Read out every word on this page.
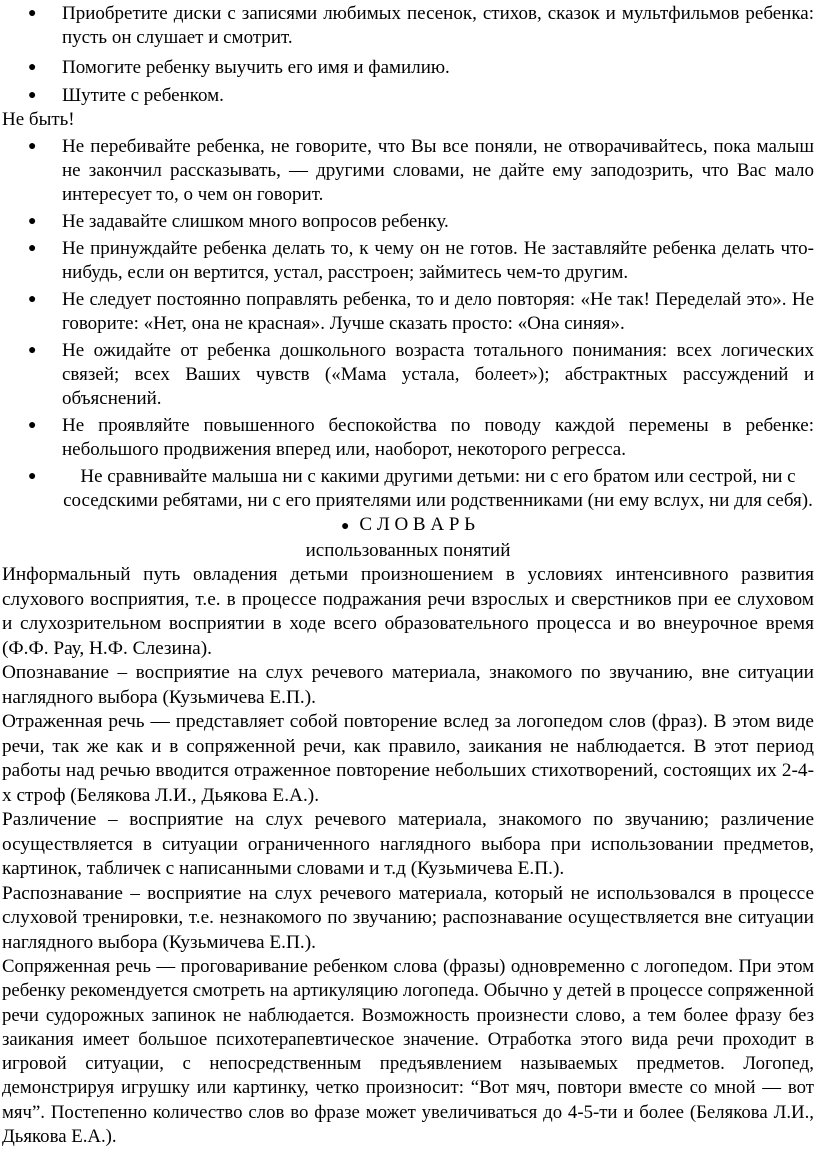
● Приобретите диски с записями любимых песенок, стихов, сказок и мультфильмов ребенка: пусть он слушает и смотрит.
● Помогите ребенку выучить его имя и фамилию.
● Шутите с ребенком.
Не быть!
● Не перебивайте ребенка, не говорите, что Вы все поняли, не отворачивайтесь, пока малыш не закончил рассказывать, — другими словами, не дайте ему заподозрить, что Вас мало интересует то, о чем он говорит.
● Не задавайте слишком много вопросов ребенку.
● Не принуждайте ребенка делать то, к чему он не готов. Не заставляйте ребенка делать что-нибудь, если он вертится, устал, расстроен; займитесь чем-то другим.
● Не следует постоянно поправлять ребенка, то и дело повторяя: «Не так! Переделай это». Не говорите: «Нет, она не красная». Лучше сказать просто: «Она синяя».
● Не ожидайте от ребенка дошкольного возраста тотального понимания: всех логических связей; всех Ваших чувств («Мама устала, болеет»); абстрактных рассуждений и объяснений.
● Не проявляйте повышенного беспокойства по поводу каждой перемены в ребенке: небольшого продвижения вперед или, наоборот, некоторого регресса.
● Не сравнивайте малыша ни с какими другими детьми: ни с его братом или сестрой, ни с соседскими ребятами, ни с его приятелями или родственниками (ни ему вслух, ни для себя).
● С Л О В А Р Ь
использованных понятий
Информальный путь овладения детьми произношением в условиях интенсивного развития слухового восприятия, т.е. в процессе подражания речи взрослых и сверстников при ее слуховом и слухозрительном восприятии в ходе всего образовательного процесса и во внеурочное время (Ф.Ф. Рау, Н.Ф. Слезина).
Опознавание – восприятие на слух речевого материала, знакомого по звучанию, вне ситуации наглядного выбора (Кузьмичева Е.П.).
Отраженная речь — представляет собой повторение вслед за логопедом слов (фраз). В этом виде речи, так же как и в сопряженной речи, как правило, заикания не наблюдается. В этот период работы над речью вводится отраженное повторение небольших стихотворений, состоящих их 2-4-х строф (Белякова Л.И., Дьякова Е.А.).
Различение – восприятие на слух речевого материала, знакомого по звучанию; различение осуществляется в ситуации ограниченного наглядного выбора при использовании предметов, картинок, табличек с написанными словами и т.д (Кузьмичева Е.П.).
Распознавание – восприятие на слух речевого материала, который не использовался в процессе слуховой тренировки, т.е. незнакомого по звучанию; распознавание осуществляется вне ситуации наглядного выбора (Кузьмичева Е.П.).
Сопряженная речь — проговаривание ребенком слова (фразы) одновременно с логопедом. При этом ребенку рекомендуется смотреть на артикуляцию логопеда. Обычно у детей в процессе сопряженной речи судорожных запинок не наблюдается. Возможность произнести слово, а тем более фразу без заикания имеет большое психотерапевтическое значение. Отработка этого вида речи проходит в игровой ситуации, с непосредственным предъявлением называемых предметов. Логопед, демонстрируя игрушку или картинку, четко произносит: “Вот мяч, повтори вместе со мной — вот мяч”. Постепенно количество слов во фразе может увеличиваться до 4-5-ти и более (Белякова Л.И., Дьякова Е.А.).
